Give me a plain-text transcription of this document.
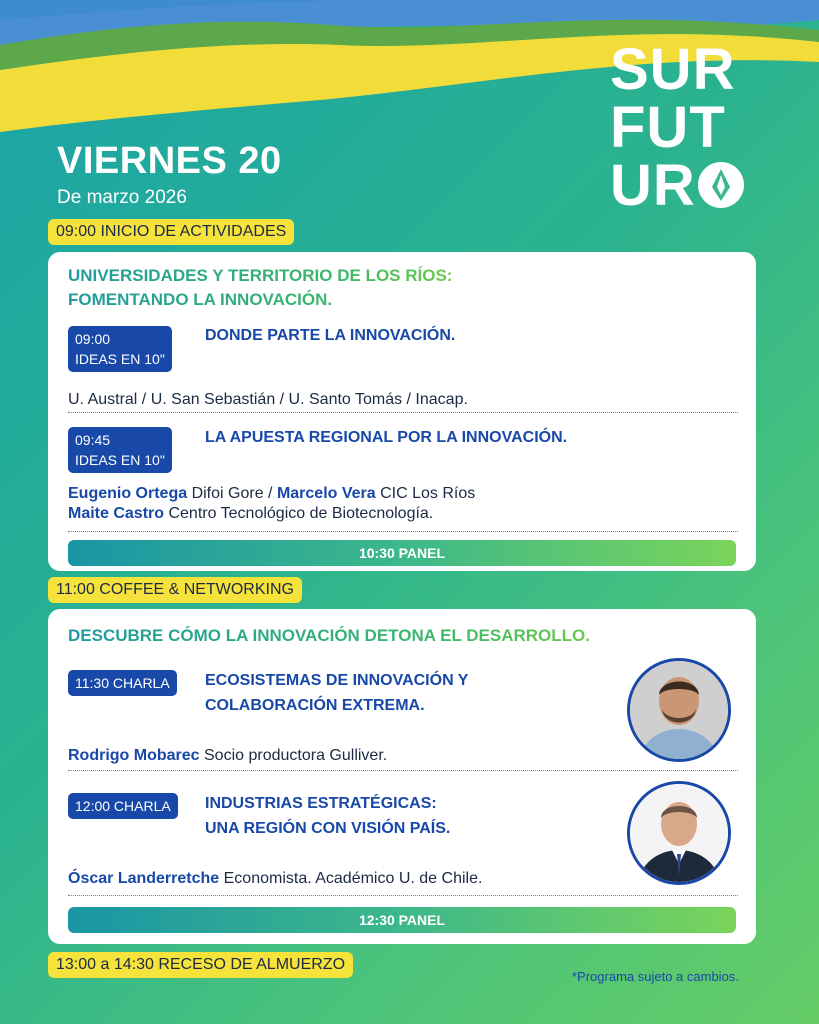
VIERNES 20
De marzo 2026
SUR
FUT
UR
09:00 INICIO DE ACTIVIDADES
UNIVERSIDADES Y TERRITORIO DE LOS RÍOS:
FOMENTANDO LA INNOVACIÓN.
09:00
IDEAS EN 10"
DONDE PARTE LA INNOVACIÓN.
U. Austral / U. San Sebastián / U. Santo Tomás / Inacap.
09:45
IDEAS EN 10"
LA APUESTA REGIONAL POR LA INNOVACIÓN.
Eugenio Ortega Difoi Gore / Marcelo Vera CIC Los Ríos
Maite Castro Centro Tecnológico de Biotecnología.
10:30 PANEL
11:00 COFFEE & NETWORKING
DESCUBRE CÓMO LA INNOVACIÓN DETONA EL DESARROLLO.
11:30 CHARLA	ECOSISTEMAS DE INNOVACIÓN Y
COLABORACIÓN EXTREMA.
Rodrigo Mobarec Socio productora Gulliver.
12:00 CHARLA	INDUSTRIAS ESTRATÉGICAS:
UNA REGIÓN CON VISIÓN PAÍS.
Óscar Landerretche Economista. Académico U. de Chile.
12:30 PANEL
13:00 a 14:30 RECESO DE ALMUERZO
*Programa sujeto a cambios.
